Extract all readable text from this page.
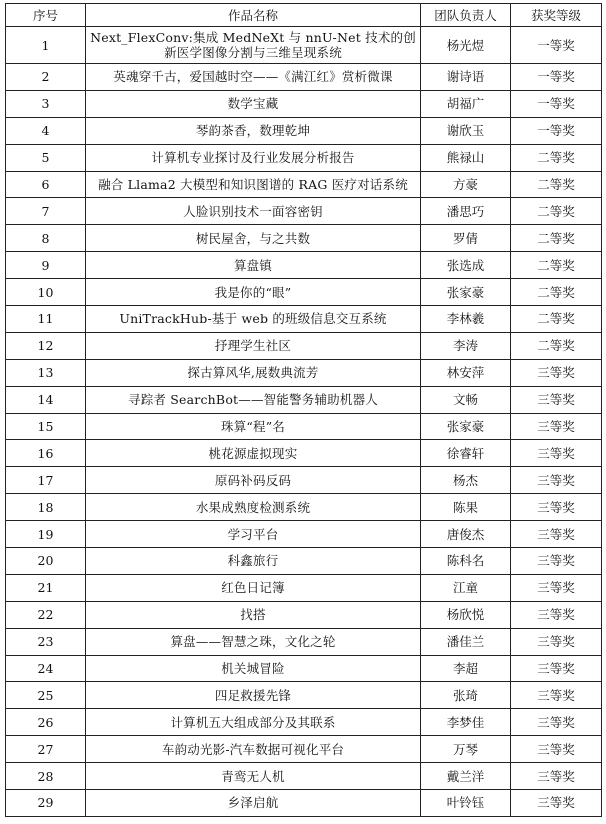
序号	作品名称	团队负责人	获奖等级
1	Next_FlexConv:集成 MedNeXt 与 nnU-Net 技术的创新医学图像分割与三维呈现系统	杨光煜	一等奖
2	英魂穿千古，爱国越时空——《满江红》赏析微课	谢诗语	一等奖
3	数学宝藏	胡福广	一等奖
4	琴韵茶香，数理乾坤	谢欣玉	一等奖
5	计算机专业探讨及行业发展分析报告	熊禄山	二等奖
6	融合 Llama2 大模型和知识图谱的 RAG 医疗对话系统	方豪	二等奖
7	人脸识别技术一面容密钥	潘思巧	二等奖
8	树民屋舍，与之共数	罗倩	二等奖
9	算盘镇	张选成	二等奖
10	我是你的“眼”	张家豪	二等奖
11	UniTrackHub-基于 web 的班级信息交互系统	李林羲	二等奖
12	抒理学生社区	李涛	二等奖
13	探古算风华,展数典流芳	林安萍	三等奖
14	寻踪者 SearchBot——智能警务辅助机器人	文畅	三等奖
15	珠算“程”名	张家豪	三等奖
16	桃花源虚拟现实	徐睿轩	三等奖
17	原码补码反码	杨杰	三等奖
18	水果成熟度检测系统	陈果	三等奖
19	学习平台	唐俊杰	三等奖
20	科鑫旅行	陈科名	三等奖
21	红色日记簿	江童	三等奖
22	找搭	杨欣悦	三等奖
23	算盘——智慧之珠，文化之轮	潘佳兰	三等奖
24	机关城冒险	李超	三等奖
25	四足救援先锋	张琦	三等奖
26	计算机五大组成部分及其联系	李梦佳	三等奖
27	车韵动光影-汽车数据可视化平台	万琴	三等奖
28	青鸾无人机	戴兰洋	三等奖
29	乡泽启航	叶铃钰	三等奖
